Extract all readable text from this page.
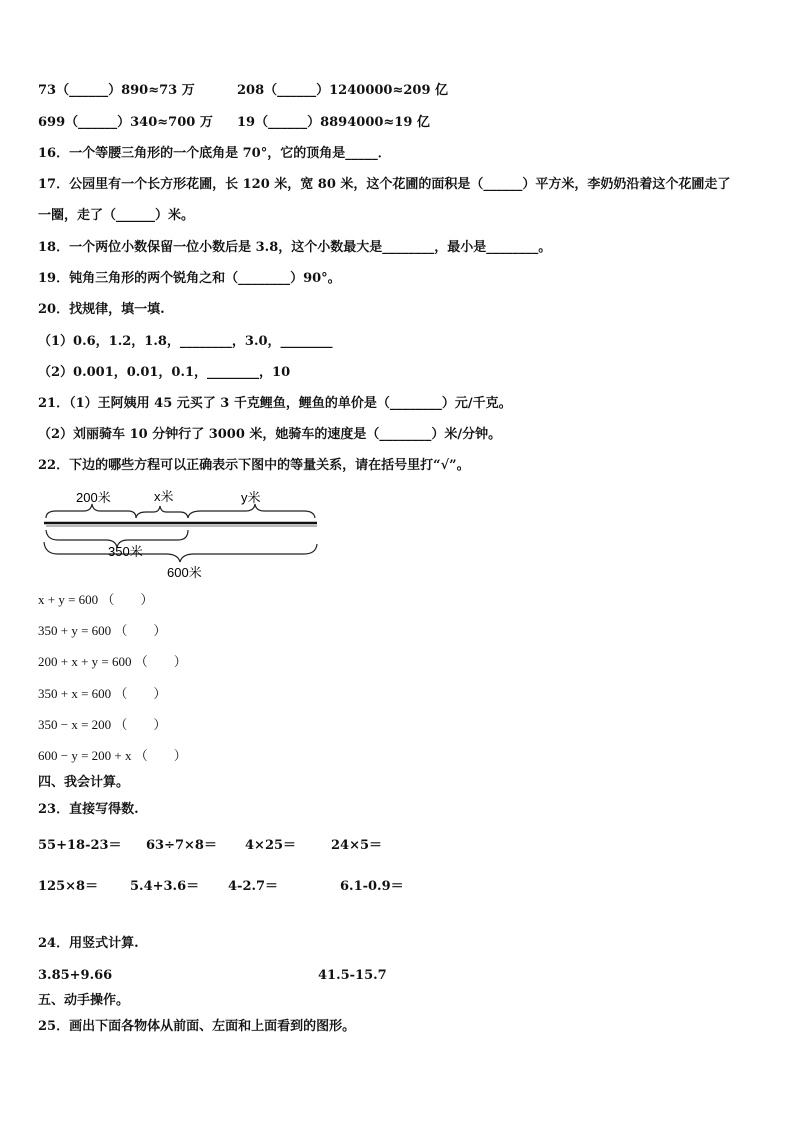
73（______）890≈73 万	208（______）1240000≈209 亿
699（______）340≈700 万 19（______）8894000≈19 亿
16．一个等腰三角形的一个底角是 70°，它的顶角是_____．
17．公园里有一个长方形花圃，长 120 米，宽 80 米，这个花圃的面积是（______）平方米，李奶奶沿着这个花圃走了
一圈，走了（______）米。
18．一个两位小数保留一位小数后是 3.8，这个小数最大是________，最小是________。
19．钝角三角形的两个锐角之和（________）90°。
20．找规律，填一填.
（1）0.6，1.2，1.8，________，3.0，________
（2）0.001，0.01，0.1，________，10
21．（1）王阿姨用 45 元买了 3 千克鲤鱼，鲤鱼的单价是（________）元/千克。
（2）刘丽骑车 10 分钟行了 3000 米，她骑车的速度是（________）米/分钟。
22．下边的哪些方程可以正确表示下图中的等量关系，请在括号里打“√”。
200米	x米	y米
350米
600米
x + y = 600 （　　）
350 + y = 600 （　　）
200 + x + y = 600 （　　）
350 + x = 600 （　　）
350 − x = 200 （　　）
600 − y = 200 + x （　　）
四、我会计算。
23．直接写得数.
55+18-23＝ 63÷7×8＝ 4×25＝	24×5＝
125×8＝ 5.4+3.6＝ 4-2.7＝	6.1-0.9＝
24．用竖式计算.
3.85+9.66	41.5-15.7
五、动手操作。
25．画出下面各物体从前面、左面和上面看到的图形。
